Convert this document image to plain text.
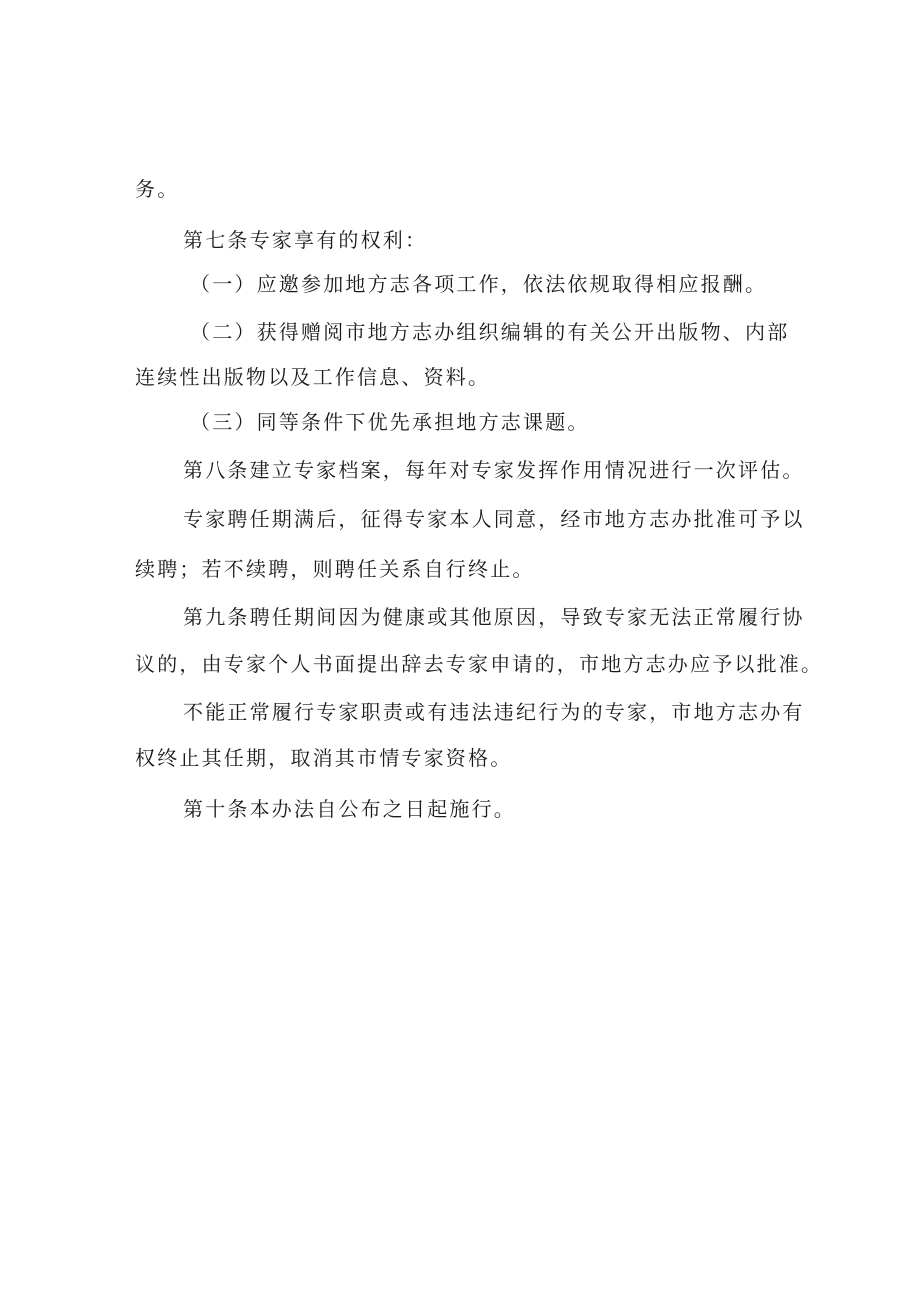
务。
第七条专家享有的权利：
（一）应邀参加地方志各项工作，依法依规取得相应报酬。
（二）获得赠阅市地方志办组织编辑的有关公开出版物、内部
连续性出版物以及工作信息、资料。
（三）同等条件下优先承担地方志课题。
第八条建立专家档案，每年对专家发挥作用情况进行一次评估。
专家聘任期满后，征得专家本人同意，经市地方志办批准可予以
续聘；若不续聘，则聘任关系自行终止。
第九条聘任期间因为健康或其他原因，导致专家无法正常履行协
议的，由专家个人书面提出辞去专家申请的，市地方志办应予以批准。
不能正常履行专家职责或有违法违纪行为的专家，市地方志办有
权终止其任期，取消其市情专家资格。
第十条本办法自公布之日起施行。
